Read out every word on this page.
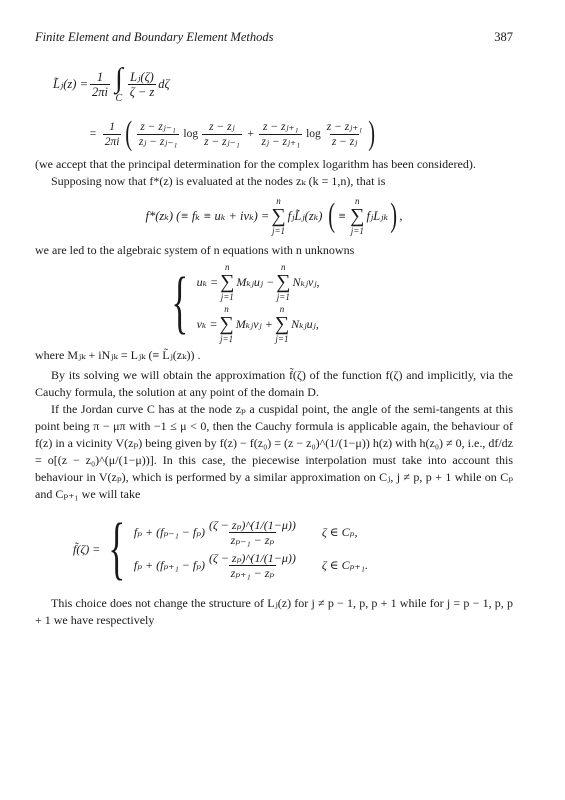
Finite Element and Boundary Element Methods	387
L̃ⱼ(z) = $\frac{1}{2\pi i}$ ∫
C $\frac{\text{Lⱼ(ζ)}}{\zeta - z}$ dζ
= $\frac{1}{2\pi i}$ ( $\frac{\text{z − zⱼ₋₁}}{\text{zⱼ − zⱼ₋₁}}$ $\log \frac{\text{z − zⱼ}}{\text{z − zⱼ₋₁}} + \frac{\text{z − zⱼ₊₁}}{\text{zⱼ − zⱼ₊₁}}$ $\log \frac{\text{z − zⱼ₊₁}}{\text{z − zⱼ}}$ )

(we accept that the principal determination for the complex logarithm has been considered).

Supposing now that f*(z) is evaluated at the nodes zₖ (k = 1,n), that is

f*(zₖ) (≡ fₖ ≡ uₖ + ivₖ) =
n
∑
j=1
fⱼL̃ⱼ(zₖ) ( ≡
n
∑
j=1
fⱼLⱼₖ ) ,

we are led to the algebraic system of n equations with n unknowns

{ uₖ =
n
∑
j=1
Mₖⱼuⱼ −
n
∑
j=1
Nₖⱼvⱼ,
vₖ =
n
∑
j=1
Mₖⱼvⱼ +
n
∑
j=1
Nₖⱼuⱼ,

where Mⱼₖ + iNⱼₖ = Lⱼₖ (≡ L̃ⱼ(zₖ)) .

By its solving we will obtain the approximation f̃(ζ) of the function f(ζ) and implicitly, via the Cauchy formula, the solution at any point of the domain D.

If the Jordan curve C has at the node zₚ a cuspidal point, the angle of the semi-tangents at this point being π − μπ with −1 ≤ μ < 0, then the Cauchy formula is applicable again, the behaviour of f(z) in a vicinity V(zₚ) being given by f(z) − f(z₀) = (z − z₀)^(1/(1−μ)) h(z) with h(z₀) ≠ 0, i.e., df/dz = o[(z − z₀)^(μ/(1−μ))]. In this case, the piecewise interpolation must take into account this behaviour in V(zₚ), which is performed by a similar approximation on Cⱼ, j ≠ p, p + 1 while on Cₚ and Cₚ₊₁ we will take

f̃(ζ) = { $f_p + (f_{p-1} - f_p) \frac{\text{(ζ − zₚ)\textasciicircum{}(1/(1−μ))}}{\text{zₚ₋₁ − zₚ}}$ ζ ∈ Cₚ,
$f_p + (f_{p+1} - f_p) \frac{\text{(ζ − zₚ)\textasciicircum{}(1/(1−μ))}}{\text{zₚ₊₁ − zₚ}}$ ζ ∈ Cₚ₊₁.

This choice does not change the structure of Lⱼ(z) for j ≠ p − 1, p, p + 1 while for j = p − 1, p, p + 1 we have respectively
